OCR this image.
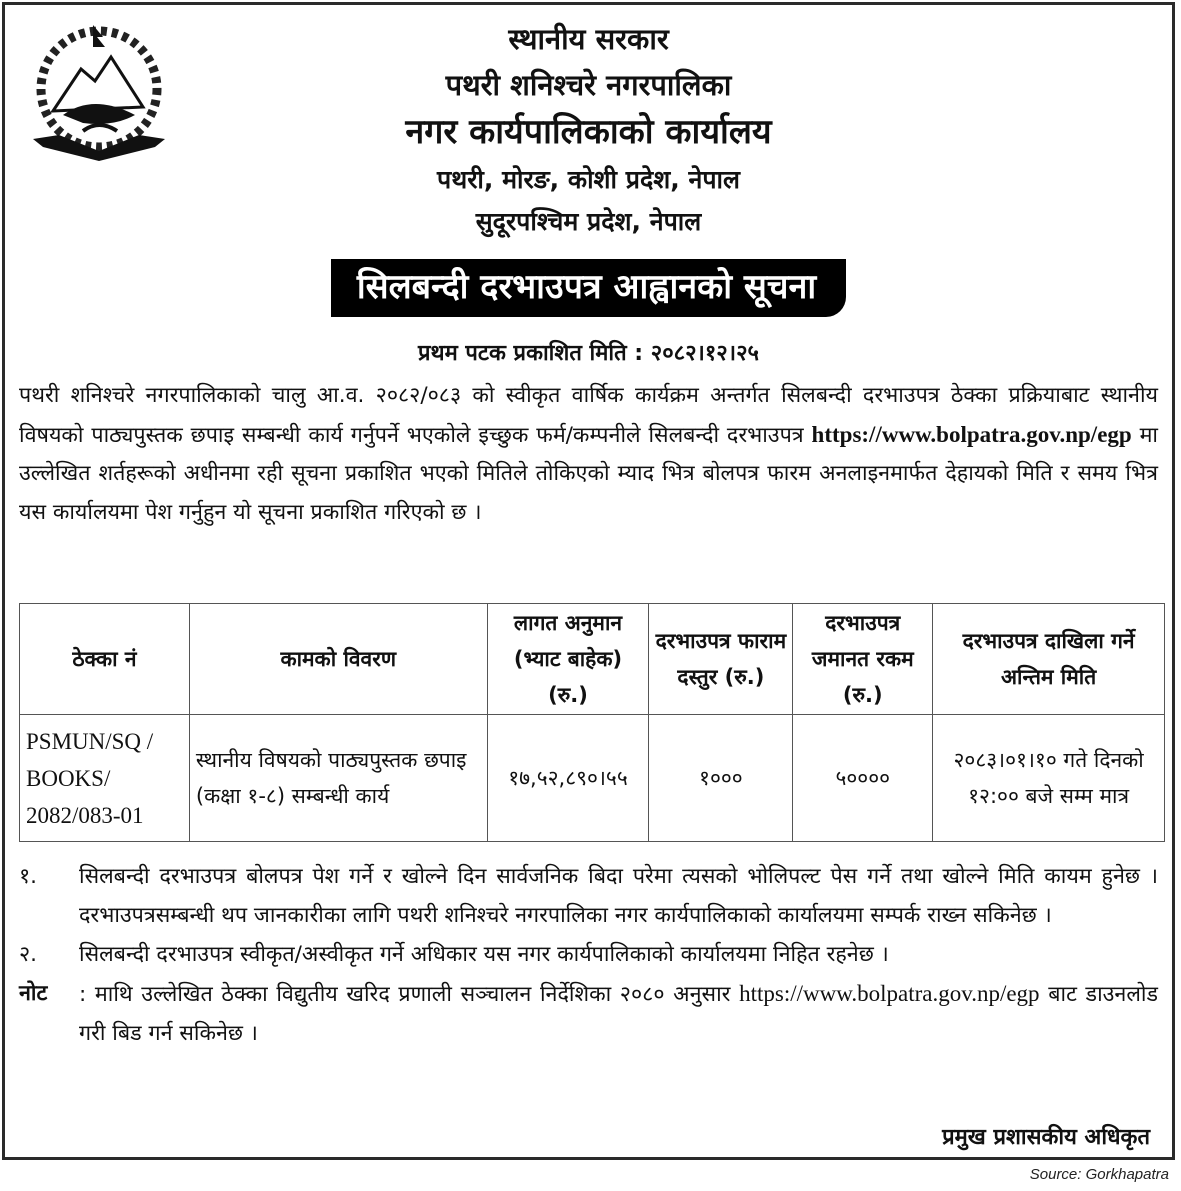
स्थानीय सरकार
पथरी शनिश्चरे नगरपालिका
नगर कार्यपालिकाको कार्यालय
पथरी, मोरङ, कोशी प्रदेश, नेपाल
सुदूरपश्चिम प्रदेश, नेपाल
सिलबन्दी दरभाउपत्र आह्वानको सूचना
प्रथम पटक प्रकाशित मिति : २०८२।१२।२५
पथरी शनिश्चरे नगरपालिकाको चालु आ.व. २०८२/०८३ को स्वीकृत वार्षिक कार्यक्रम अन्तर्गत सिलबन्दी दरभाउपत्र ठेक्का प्रक्रियाबाट स्थानीय विषयको पाठ्यपुस्तक छपाइ सम्बन्धी कार्य गर्नुपर्ने भएकोले इच्छुक फर्म/कम्पनीले सिलबन्दी दरभाउपत्र https://www.bolpatra.gov.np/egp मा उल्लेखित शर्तहरूको अधीनमा रही सूचना प्रकाशित भएको मितिले तोकिएको म्याद भित्र बोलपत्र फारम अनलाइनमार्फत देहायको मिति र समय भित्र यस कार्यालयमा पेश गर्नुहुन यो सूचना प्रकाशित गरिएको छ ।
ठेक्का नं	कामको विवरण	लागत अनुमान (भ्याट बाहेक) (रु.)	दरभाउपत्र फाराम दस्तुर (रु.)	दरभाउपत्र जमानत रकम (रु.)	दरभाउपत्र दाखिला गर्ने अन्तिम मिति
PSMUN/SQ / BOOKS/ 2082/083-01	स्थानीय विषयको पाठ्यपुस्तक छपाइ (कक्षा १-८) सम्बन्धी कार्य	१७,५२,८९०।५५	१०००	५००००	२०८३।०१।१० गते दिनको १२:०० बजे सम्म मात्र
१.	सिलबन्दी दरभाउपत्र बोलपत्र पेश गर्ने र खोल्ने दिन सार्वजनिक बिदा परेमा त्यसको भोलिपल्ट पेस गर्ने तथा खोल्ने मिति कायम हुनेछ । दरभाउपत्रसम्बन्धी थप जानकारीका लागि पथरी शनिश्चरे नगरपालिका नगर कार्यपालिकाको कार्यालयमा सम्पर्क राख्न सकिनेछ ।
२.	सिलबन्दी दरभाउपत्र स्वीकृत/अस्वीकृत गर्ने अधिकार यस नगर कार्यपालिकाको कार्यालयमा निहित रहनेछ ।
नोट	: माथि उल्लेखित ठेक्का विद्युतीय खरिद प्रणाली सञ्चालन निर्देशिका २०८० अनुसार https://www.bolpatra.gov.np/egp बाट डाउनलोड गरी बिड गर्न सकिनेछ ।
प्रमुख प्रशासकीय अधिकृत
Source: Gorkhapatra
